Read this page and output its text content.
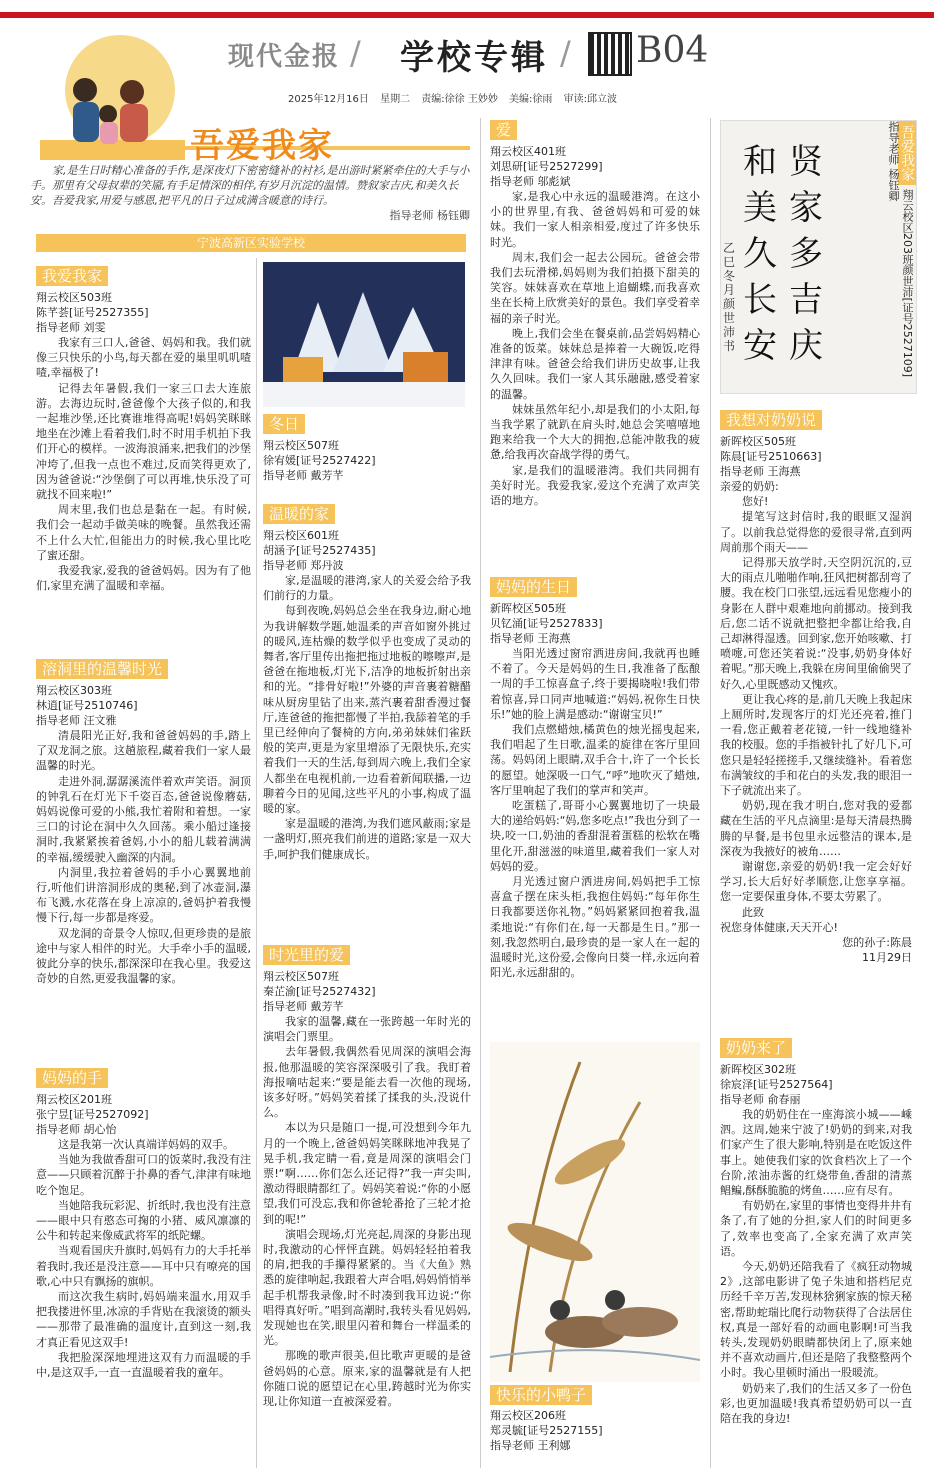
现代金报 / 学校专辑 / B04
2025年12月16日 星期二 责编:徐徐 王妙妙 美编:徐雨 审读:邱立波
吾爱我家
家,是生日时精心准备的手作,是深夜灯下密密缝补的衬衫,是出游时紧紧牵住的大手与小手。那里有父母叔辈的笑靥,有手足情深的相伴,有岁月沉淀的温情。赞叙家吉庆,和美久长安。吾爱我家,用爱与感恩,把平凡的日子过成满含暖意的诗行。
指导老师 杨钰卿
宁波高新区实验学校
我爱我家
翔云校区503班
陈芊荟[证号2527355]
指导老师 刘雯

我家有三口人,爸爸、妈妈和我。我们就像三只快乐的小鸟,每天都在爱的巢里叽叽喳喳,幸福极了!

记得去年暑假,我们一家三口去大连旅游。去海边玩时,爸爸像个大孩子似的,和我一起堆沙堡,还比赛谁堆得高呢!妈妈笑眯眯地坐在沙滩上看着我们,时不时用手机拍下我们开心的模样。一波海浪涌来,把我们的沙堡冲垮了,但我一点也不难过,反而笑得更欢了,因为爸爸说:“沙堡倒了可以再堆,快乐没了可就找不回来啦!”

周末里,我们也总是黏在一起。有时候,我们会一起动手做美味的晚餐。虽然我还需不上什么大忙,但能出力的时候,我心里比吃了蜜还甜。

我爱我家,爱我的爸爸妈妈。因为有了他们,家里充满了温暖和幸福。

溶洞里的温馨时光
翔云校区303班
林逍[证号2510746]
指导老师 汪文雅

清晨阳光正好,我和爸爸妈妈的手,踏上了双龙洞之旅。这趟旅程,藏着我们一家人最温馨的时光。

走进外洞,潺潺溪流伴着欢声笑语。洞顶的钟乳石在灯光下千姿百态,爸爸说像蘑菇,妈妈说像可爱的小熊,我忙着附和着想。一家三口的讨论在洞中久久回荡。乘小船过逢接洞时,我紧紧挨着爸妈,小小的船儿载着满满的幸福,缓缓驶入幽深的内洞。

内洞里,我拉着爸妈的手小心翼翼地前行,听他们讲溶洞形成的奥秘,到了冰壶洞,瀑布飞溅,水花落在身上凉凉的,爸妈护着我慢慢下行,每一步都是疼爱。

双龙洞的奇景令人惊叹,但更珍贵的是旅途中与家人相伴的时光。大手牵小手的温暖,彼此分享的快乐,都深深印在我心里。我爱这奇妙的自然,更爱我温馨的家。

妈妈的手
翔云校区201班
张宁昱[证号2527092]
指导老师 胡心怡

这是我第一次认真端详妈妈的双手。

当她为我做香甜可口的饭菜时,我没有注意——只顾着沉醉于扑鼻的香气,津津有味地吃个饱足。

当她陪我玩彩泥、折纸时,我也没有注意——眼中只有憨态可掬的小猪、威风凛凛的公牛和转起来像威武将军的纸陀螺。

当观看国庆升旗时,妈妈有力的大手托举着我时,我还是没注意——耳中只有嘹亮的国歌,心中只有飘扬的旗帜。

而这次我生病时,妈妈端来温水,用双手把我搂进怀里,冰凉的手背贴在我滚烫的额头——那带了最准确的温度计,直到这一刻,我才真正看见这双手!

我把脸深深地埋进这双有力而温暖的手中,是这双手,一直一直温暖着我的童年。

冬日
翔云校区507班
徐宥媛[证号2527422]
指导老师 戴芳芊
温暖的家
翔云校区601班
胡涵予[证号2527435]
指导老师 郑丹波

家,是温暖的港湾,家人的关爱会给予我们前行的力量。

每到夜晚,妈妈总会坐在我身边,耐心地为我讲解数学题,她温柔的声音如窗外挑过的暖风,连枯燥的数学似乎也变成了灵动的舞者,客厅里传出拖把拖过地板的嚓嚓声,是爸爸在拖地板,灯光下,洁净的地板折射出亲和的光。“排骨好啦!”外婆的声音裹着糖醋味从厨房里钻了出来,蒸汽裹着甜香漫过餐厅,连爸爸的拖把都慢了半拍,我舔着笔的手里已经伸向了餐椅的方向,弟弟妹妹们雀跃般的笑声,更是为家里增添了无限快乐,充实着我们一天的生活,每到周六晚上,我们全家人都坐在电视机前,一边看着新闻联播,一边聊着今日的见闻,这些平凡的小事,构成了温暖的家。

家是温暖的港湾,为我们遮风蔽雨;家是一盏明灯,照亮我们前进的道路;家是一双大手,呵护我们健康成长。

时光里的爱
翔云校区507班
秦芷渝[证号2527432]
指导老师 戴芳芊

我家的温馨,藏在一张跨越一年时光的演唱会门票里。

去年暑假,我偶然看见周深的演唱会海报,他那温暖的笑容深深吸引了我。我盯着海报嘀咕起来:“要是能去看一次他的现场,该多好呀。”妈妈笑着揉了揉我的头,没说什么。

本以为只是随口一提,可没想到今年九月的一个晚上,爸爸妈妈笑眯眯地冲我晃了晃手机,我定睛一看,竟是周深的演唱会门票!“啊……你们怎么还记得?”我一声尖叫,激动得眼睛都红了。妈妈笑着说:“你的小愿望,我们可没忘,我和你爸轮番抢了三轮才抢到的呢!”

演唱会现场,灯光亮起,周深的身影出现时,我激动的心怦怦直跳。妈妈轻轻拍着我的肩,把我的手攥得紧紧的。当《大鱼》熟悉的旋律响起,我跟着大声合唱,妈妈悄悄举起手机帮我录像,时不时凑到我耳边说:“你唱得真好听。”唱到高潮时,我转头看见妈妈,发现她也在笑,眼里闪着和舞台一样温柔的光。

那晚的歌声很美,但比歌声更暖的是爸爸妈妈的心意。原来,家的温馨就是有人把你随口说的愿望记在心里,跨越时光为你实现,让你知道一直被深爱着。

爱
翔云校区401班
刘思研[证号2527299]
指导老师 邬彪斌

家,是我心中永远的温暖港湾。在这小小的世界里,有我、爸爸妈妈和可爱的妹妹。我们一家人相亲相爱,度过了许多快乐时光。

周末,我们会一起去公园玩。爸爸会带我们去玩滑梯,妈妈则为我们拍摄下甜美的笑容。妹妹喜欢在草地上追蝴蝶,而我喜欢坐在长椅上欣赏美好的景色。我们享受着幸福的亲子时光。

晚上,我们会坐在餐桌前,品尝妈妈精心准备的饭菜。妹妹总是捧着一大碗饭,吃得津津有味。爸爸会给我们讲历史故事,让我久久回味。我们一家人其乐融融,感受着家的温馨。

妹妹虽然年纪小,却是我们的小太阳,每当我学累了就趴在肩头时,她总会笑嘻嘻地跑来给我一个大大的拥抱,总能冲散我的疲惫,给我再次奋战学得的勇气。

家,是我们的温暖港湾。我们共同拥有美好时光。我爱我家,爱这个充满了欢声笑语的地方。

妈妈的生日
新晖校区505班
贝钇涌[证号2527833]
指导老师 王海燕

当阳光透过窗帘洒进房间,我就再也睡不着了。今天是妈妈的生日,我准备了酝酿一周的手工惊喜盒子,终于要揭晓啦!我们带着惊喜,异口同声地喊道:“妈妈,祝你生日快乐!”她的脸上满是感动:“谢谢宝贝!”

我们点燃蜡烛,橘黄色的烛光摇曳起来,我们唱起了生日歌,温柔的旋律在客厅里回荡。妈妈闭上眼睛,双手合十,许了一个长长的愿望。她深吸一口气,“呼”地吹灭了蜡烛,客厅里响起了我们的掌声和笑声。

吃蛋糕了,哥哥小心翼翼地切了一块最大的递给妈妈:“妈,您多吃点!”我也分到了一块,咬一口,奶油的香甜混着蛋糕的松软在嘴里化开,甜滋滋的味道里,藏着我们一家人对妈妈的爱。

月光透过窗户洒进房间,妈妈把手工惊喜盒子摆在床头柜,我抱住妈妈:“每年你生日我都要送你礼物。”妈妈紧紧回抱着我,温柔地说:“有你们在,每一天都是生日。”那一刻,我忽然明白,最珍贵的是一家人在一起的温暖时光,这份爱,会像向日葵一样,永远向着阳光,永远甜甜的。

快乐的小鸭子
翔云校区206班
郑灵毓[证号2527155]
指导老师 王利娜
贤
家
多
吉
庆
和
美
久
长
安
乙巳冬月 颜世沛书
吾爱我家 翔云校区203班颜世沛[证号2527109] 指导老师 杨钰卿
我想对奶奶说
新晖校区505班
陈晨[证号2510663]
指导老师 王海燕
亲爱的奶奶:

您好!

提笔写这封信时,我的眼眶又湿润了。以前我总觉得您的爱很寻常,直到两周前那个雨天——

记得那天放学时,天空阴沉沉的,豆大的雨点儿啪啪作响,狂风把树都刮弯了腰。我在校门口张望,远远看见您瘦小的身影在人群中艰难地向前挪动。接到我后,您二话不说就把整把伞都让给我,自己却淋得湿透。回到家,您开始咳嗽、打喷嚏,可您还笑着说:“没事,奶奶身体好着呢。”那天晚上,我躲在房间里偷偷哭了好久,心里既感动又愧疚。

更让我心疼的是,前几天晚上我起床上厕所时,发现客厅的灯光还亮着,推门一看,您正戴着老花镜,一针一线地缝补我的校服。您的手指被针扎了好几下,可您只是轻轻搓搓手,又继续缝补。看着您布满皱纹的手和花白的头发,我的眼泪一下子就流出来了。

奶奶,现在我才明白,您对我的爱都藏在生活的平凡点滴里:是每天清晨热腾腾的早餐,是书包里永远整洁的课本,是深夜为我掖好的被角……

谢谢您,亲爱的奶奶!我一定会好好学习,长大后好好孝顺您,让您享享福。您一定要保重身体,不要太劳累了。

此致

祝您身体健康,天天开心!
您的孙子:陈晨
11月29日
奶奶来了
新晖校区302班
徐宸泽[证号2527564]
指导老师 俞春丽

我的奶奶住在一座海滨小城——嵊泗。这周,她来宁波了!奶奶的到来,对我们家产生了很大影响,特别是在吃饭这件事上。她使我们家的饮食档次上了一个台阶,浓油赤酱的红烧带鱼,香甜的清蒸鲳鳊,酥酥脆脆的烤鱼……应有尽有。

有奶奶在,家里的事情也变得井井有条了,有了她的分担,家人们的时间更多了,效率也变高了,全家充满了欢声笑语。

今天,奶奶还陪我看了《疯狂动物城2》,这部电影讲了兔子朱迪和搭档尼克历经千辛万苦,发现林猞猁家族的惊天秘密,帮助蛇瑞比爬行动物获得了合法居住权,真是一部好看的动画电影啊!可当我转头,发现奶奶眼睛都快闭上了,原来她并不喜欢动画片,但还是陪了我整整两个小时。我心里顿时涌出一股暖流。

奶奶来了,我们的生活又多了一份色彩,也更加温暖!我真希望奶奶可以一直陪在我的身边!
